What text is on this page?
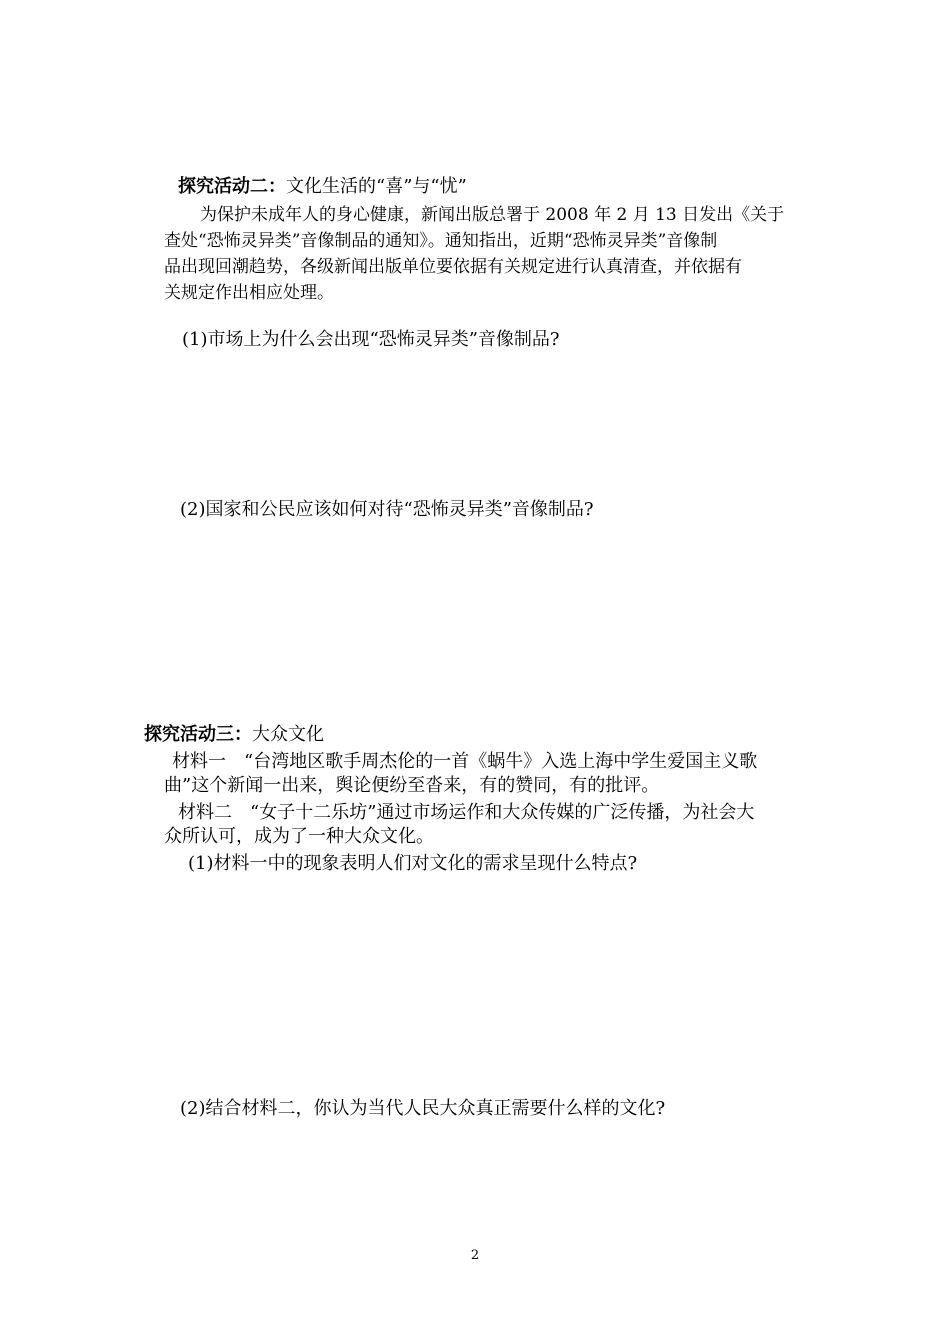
探究活动二：文化生活的“喜”与“忧”
为保护未成年人的身心健康，新闻出版总署于 2008 年 2 月 13 日发出《关于
查处“恐怖灵异类”音像制品的通知》。通知指出，近期“恐怖灵异类”音像制
品出现回潮趋势，各级新闻出版单位要依据有关规定进行认真清查，并依据有
关规定作出相应处理。
(1)市场上为什么会出现“恐怖灵异类”音像制品?
(2)国家和公民应该如何对待“恐怖灵异类”音像制品?
探究活动三：大众文化
材料一　“台湾地区歌手周杰伦的一首《蜗牛》入选上海中学生爱国主义歌
曲”这个新闻一出来，舆论便纷至沓来，有的赞同，有的批评。
材料二　“女子十二乐坊”通过市场运作和大众传媒的广泛传播，为社会大
众所认可，成为了一种大众文化。
(1)材料一中的现象表明人们对文化的需求呈现什么特点?
(2)结合材料二，你认为当代人民大众真正需要什么样的文化?
2
